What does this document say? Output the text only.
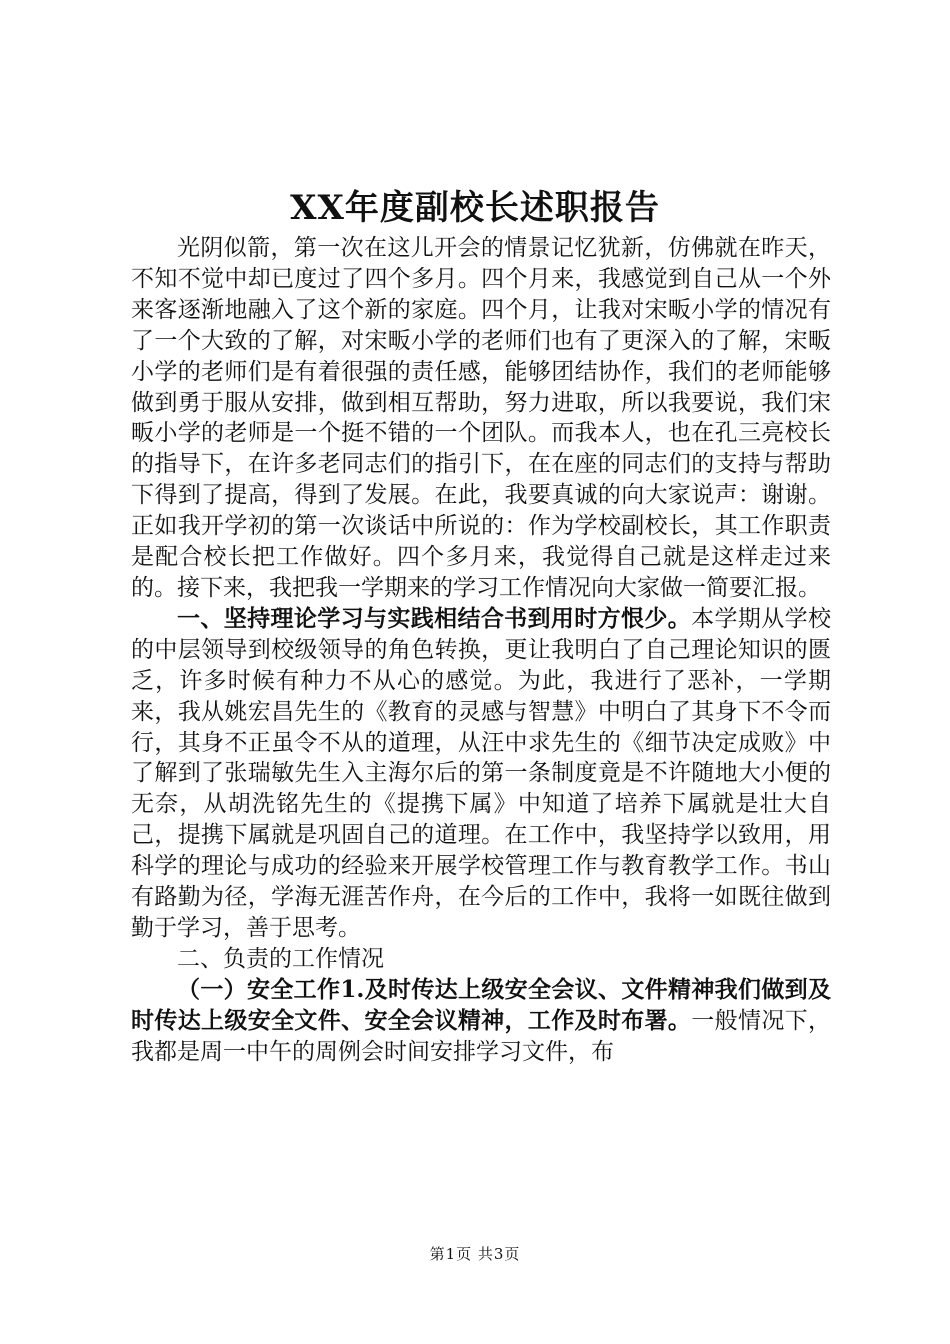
XX年度副校长述职报告

光阴似箭，第一次在这儿开会的情景记忆犹新，仿佛就在昨天，不知不觉中却已度过了四个多月。四个月来，我感觉到自己从一个外来客逐渐地融入了这个新的家庭。四个月，让我对宋畈小学的情况有了一个大致的了解，对宋畈小学的老师们也有了更深入的了解，宋畈小学的老师们是有着很强的责任感，能够团结协作，我们的老师能够做到勇于服从安排，做到相互帮助，努力进取，所以我要说，我们宋畈小学的老师是一个挺不错的一个团队。而我本人，也在孔三亮校长的指导下，在许多老同志们的指引下，在在座的同志们的支持与帮助下得到了提高，得到了发展。在此，我要真诚的向大家说声：谢谢。正如我开学初的第一次谈话中所说的：作为学校副校长，其工作职责是配合校长把工作做好。四个多月来，我觉得自己就是这样走过来的。接下来，我把我一学期来的学习工作情况向大家做一简要汇报。

一、坚持理论学习与实践相结合书到用时方恨少。本学期从学校的中层领导到校级领导的角色转换，更让我明白了自己理论知识的匮乏，许多时候有种力不从心的感觉。为此，我进行了恶补，一学期来，我从姚宏昌先生的《教育的灵感与智慧》中明白了其身下不令而行，其身不正虽令不从的道理，从汪中求先生的《细节决定成败》中了解到了张瑞敏先生入主海尔后的第一条制度竟是不许随地大小便的无奈，从胡洗铭先生的《提携下属》中知道了培养下属就是壮大自己，提携下属就是巩固自己的道理。在工作中，我坚持学以致用，用科学的理论与成功的经验来开展学校管理工作与教育教学工作。书山有路勤为径，学海无涯苦作舟，在今后的工作中，我将一如既往做到勤于学习，善于思考。

二、负责的工作情况

（一）安全工作1.及时传达上级安全会议、文件精神我们做到及时传达上级安全文件、安全会议精神，工作及时布署。一般情况下，我都是周一中午的周例会时间安排学习文件，布

第1页 共3页
